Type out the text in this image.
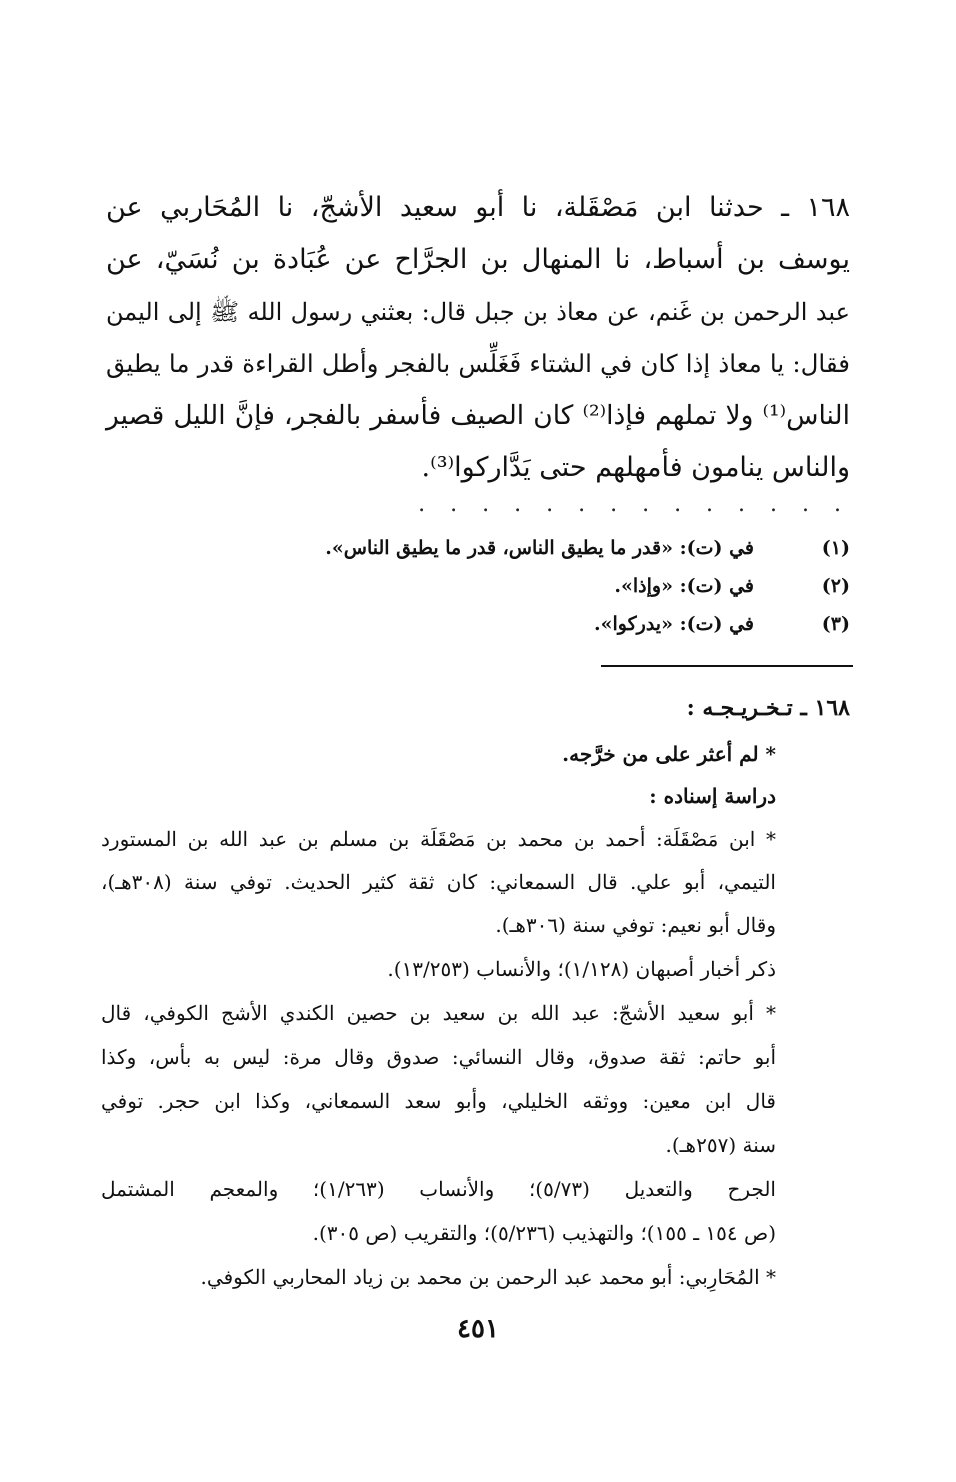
١٦٨ ـ حدثنا ابن مَصْقَلة، نا أبو سعيد الأشجّ، نا المُحَاربي عن
يوسف بن أسباط، نا المنهال بن الجرَّاح عن عُبَادة بن نُسَيّ، عن
عبد الرحمن بن غَنم، عن معاذ بن جبل قال: بعثني رسول الله ﷺ إلى اليمن
فقال: يا معاذ إذا كان في الشتاء فَغَلِّس بالفجر وأطل القراءة قدر ما يطيق
الناس⁽¹⁾ ولا تملهم فإذا⁽²⁾ كان الصيف فأسفر بالفجر، فإنَّ الليل قصير
والناس ينامون فأمهلهم حتى يَدَّاركوا⁽³⁾.
. . . . . . . . . . . . . .
(١)في (ت): «قدر ما يطيق الناس، قدر ما يطيق الناس».
(٢)في (ت): «وإذا».
(٣)في (ت): «يدركوا».
١٦٨ ـ تـخـريـجـه :
* لم أعثر على من خرَّجه.
دراسة إسناده :
* ابن مَصْقَلَة: أحمد بن محمد بن مَصْقَلَة بن مسلم بن عبد الله بن المستورد
التيمي، أبو علي. قال السمعاني: كان ثقة كثير الحديث. توفي سنة (٣٠٨هـ)،
وقال أبو نعيم: توفي سنة (٣٠٦هـ).
ذكر أخبار أصبهان (١/١٢٨)؛ والأنساب (١٣/٢٥٣).
* أبو سعيد الأشجّ: عبد الله بن سعيد بن حصين الكندي الأشج الكوفي، قال
أبو حاتم: ثقة صدوق، وقال النسائي: صدوق وقال مرة: ليس به بأس، وكذا
قال ابن معين: ووثقه الخليلي، وأبو سعد السمعاني، وكذا ابن حجر. توفي
سنة (٢٥٧هـ).
الجرح والتعديل (٥/٧٣)؛ والأنساب (١/٢٦٣)؛ والمعجم المشتمل
(ص ١٥٤ ـ ١٥٥)؛ والتهذيب (٥/٢٣٦)؛ والتقريب (ص ٣٠٥).
* المُحَارِبي: أبو محمد عبد الرحمن بن محمد بن زياد المحاربي الكوفي.
٤٥١
